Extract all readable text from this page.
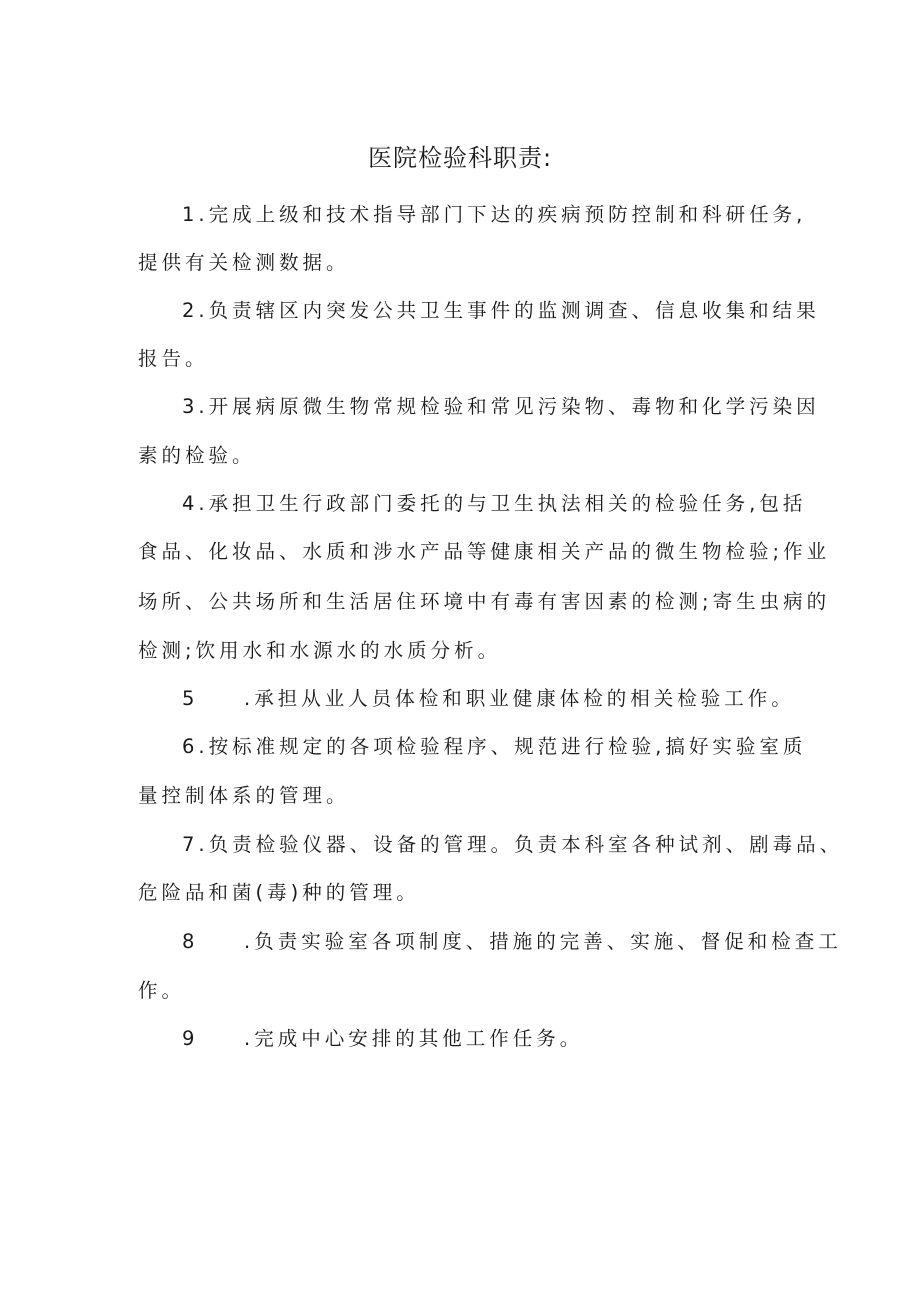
医院检验科职责:
1.完成上级和技术指导部门下达的疾病预防控制和科研任务,
提供有关检测数据。
2.负责辖区内突发公共卫生事件的监测调查、信息收集和结果
报告。
3.开展病原微生物常规检验和常见污染物、毒物和化学污染因
素的检验。
4.承担卫生行政部门委托的与卫生执法相关的检验任务,包括
食品、化妆品、水质和涉水产品等健康相关产品的微生物检验;作业
场所、公共场所和生活居住环境中有毒有害因素的检测;寄生虫病的
检测;饮用水和水源水的水质分析。
5 .承担从业人员体检和职业健康体检的相关检验工作。
6.按标准规定的各项检验程序、规范进行检验,搞好实验室质
量控制体系的管理。
7.负责检验仪器、设备的管理。负责本科室各种试剂、剧毒品、
危险品和菌(毒)种的管理。
8 .负责实验室各项制度、措施的完善、实施、督促和检查工
作。
9 .完成中心安排的其他工作任务。
